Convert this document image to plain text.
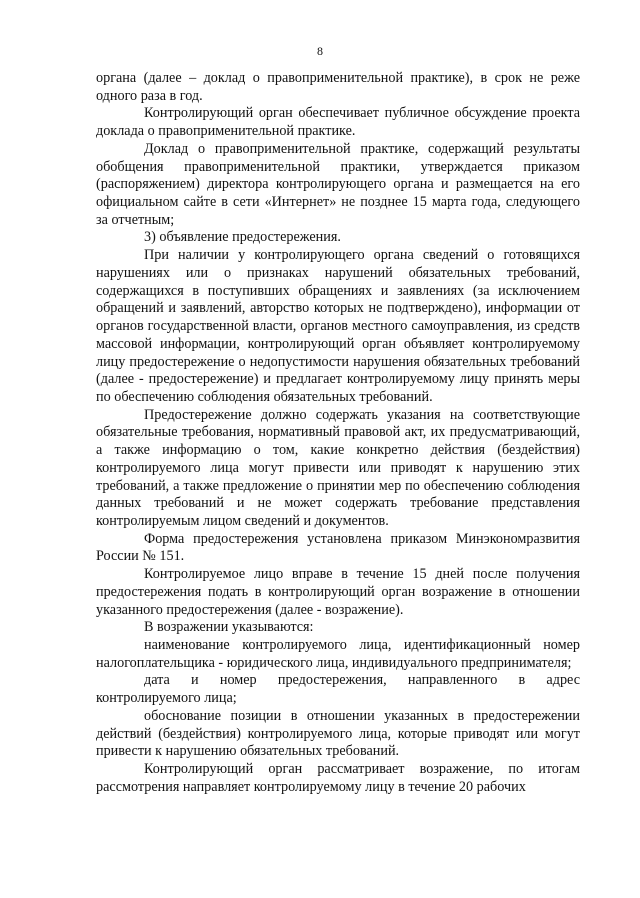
8

органа (далее – доклад о правоприменительной практике), в срок не реже одного раза в год.

Контролирующий орган обеспечивает публичное обсуждение проекта доклада о правоприменительной практике.

Доклад о правоприменительной практике, содержащий результаты обобщения правоприменительной практики, утверждается приказом (распоряжением) директора контролирующего органа и размещается на его официальном сайте в сети «Интернет» не позднее 15 марта года, следующего за отчетным;

3) объявление предостережения.

При наличии у контролирующего органа сведений о готовящихся нарушениях или о признаках нарушений обязательных требований, содержащихся в поступивших обращениях и заявлениях (за исключением обращений и заявлений, авторство которых не подтверждено), информации от органов государственной власти, органов местного самоуправления, из средств массовой информации, контролирующий орган объявляет контролируемому лицу предостережение о недопустимости нарушения обязательных требований (далее - предостережение) и предлагает контролируемому лицу принять меры по обеспечению соблюдения обязательных требований.

Предостережение должно содержать указания на соответствующие обязательные требования, нормативный правовой акт, их предусматривающий, а также информацию о том, какие конкретно действия (бездействия) контролируемого лица могут привести или приводят к нарушению этих требований, а также предложение о принятии мер по обеспечению соблюдения данных требований и не может содержать требование представления контролируемым лицом сведений и документов.

Форма предостережения установлена приказом Минэкономразвития России № 151.

Контролируемое лицо вправе в течение 15 дней после получения предостережения подать в контролирующий орган возражение в отношении указанного предостережения (далее - возражение).

В возражении указываются:

наименование контролируемого лица, идентификационный номер налогоплательщика - юридического лица, индивидуального предпринимателя;

дата и номер предостережения, направленного в адрес контролируемого лица;

обоснование позиции в отношении указанных в предостережении действий (бездействия) контролируемого лица, которые приводят или могут привести к нарушению обязательных требований.

Контролирующий орган рассматривает возражение, по итогам рассмотрения направляет контролируемому лицу в течение 20 рабочих
